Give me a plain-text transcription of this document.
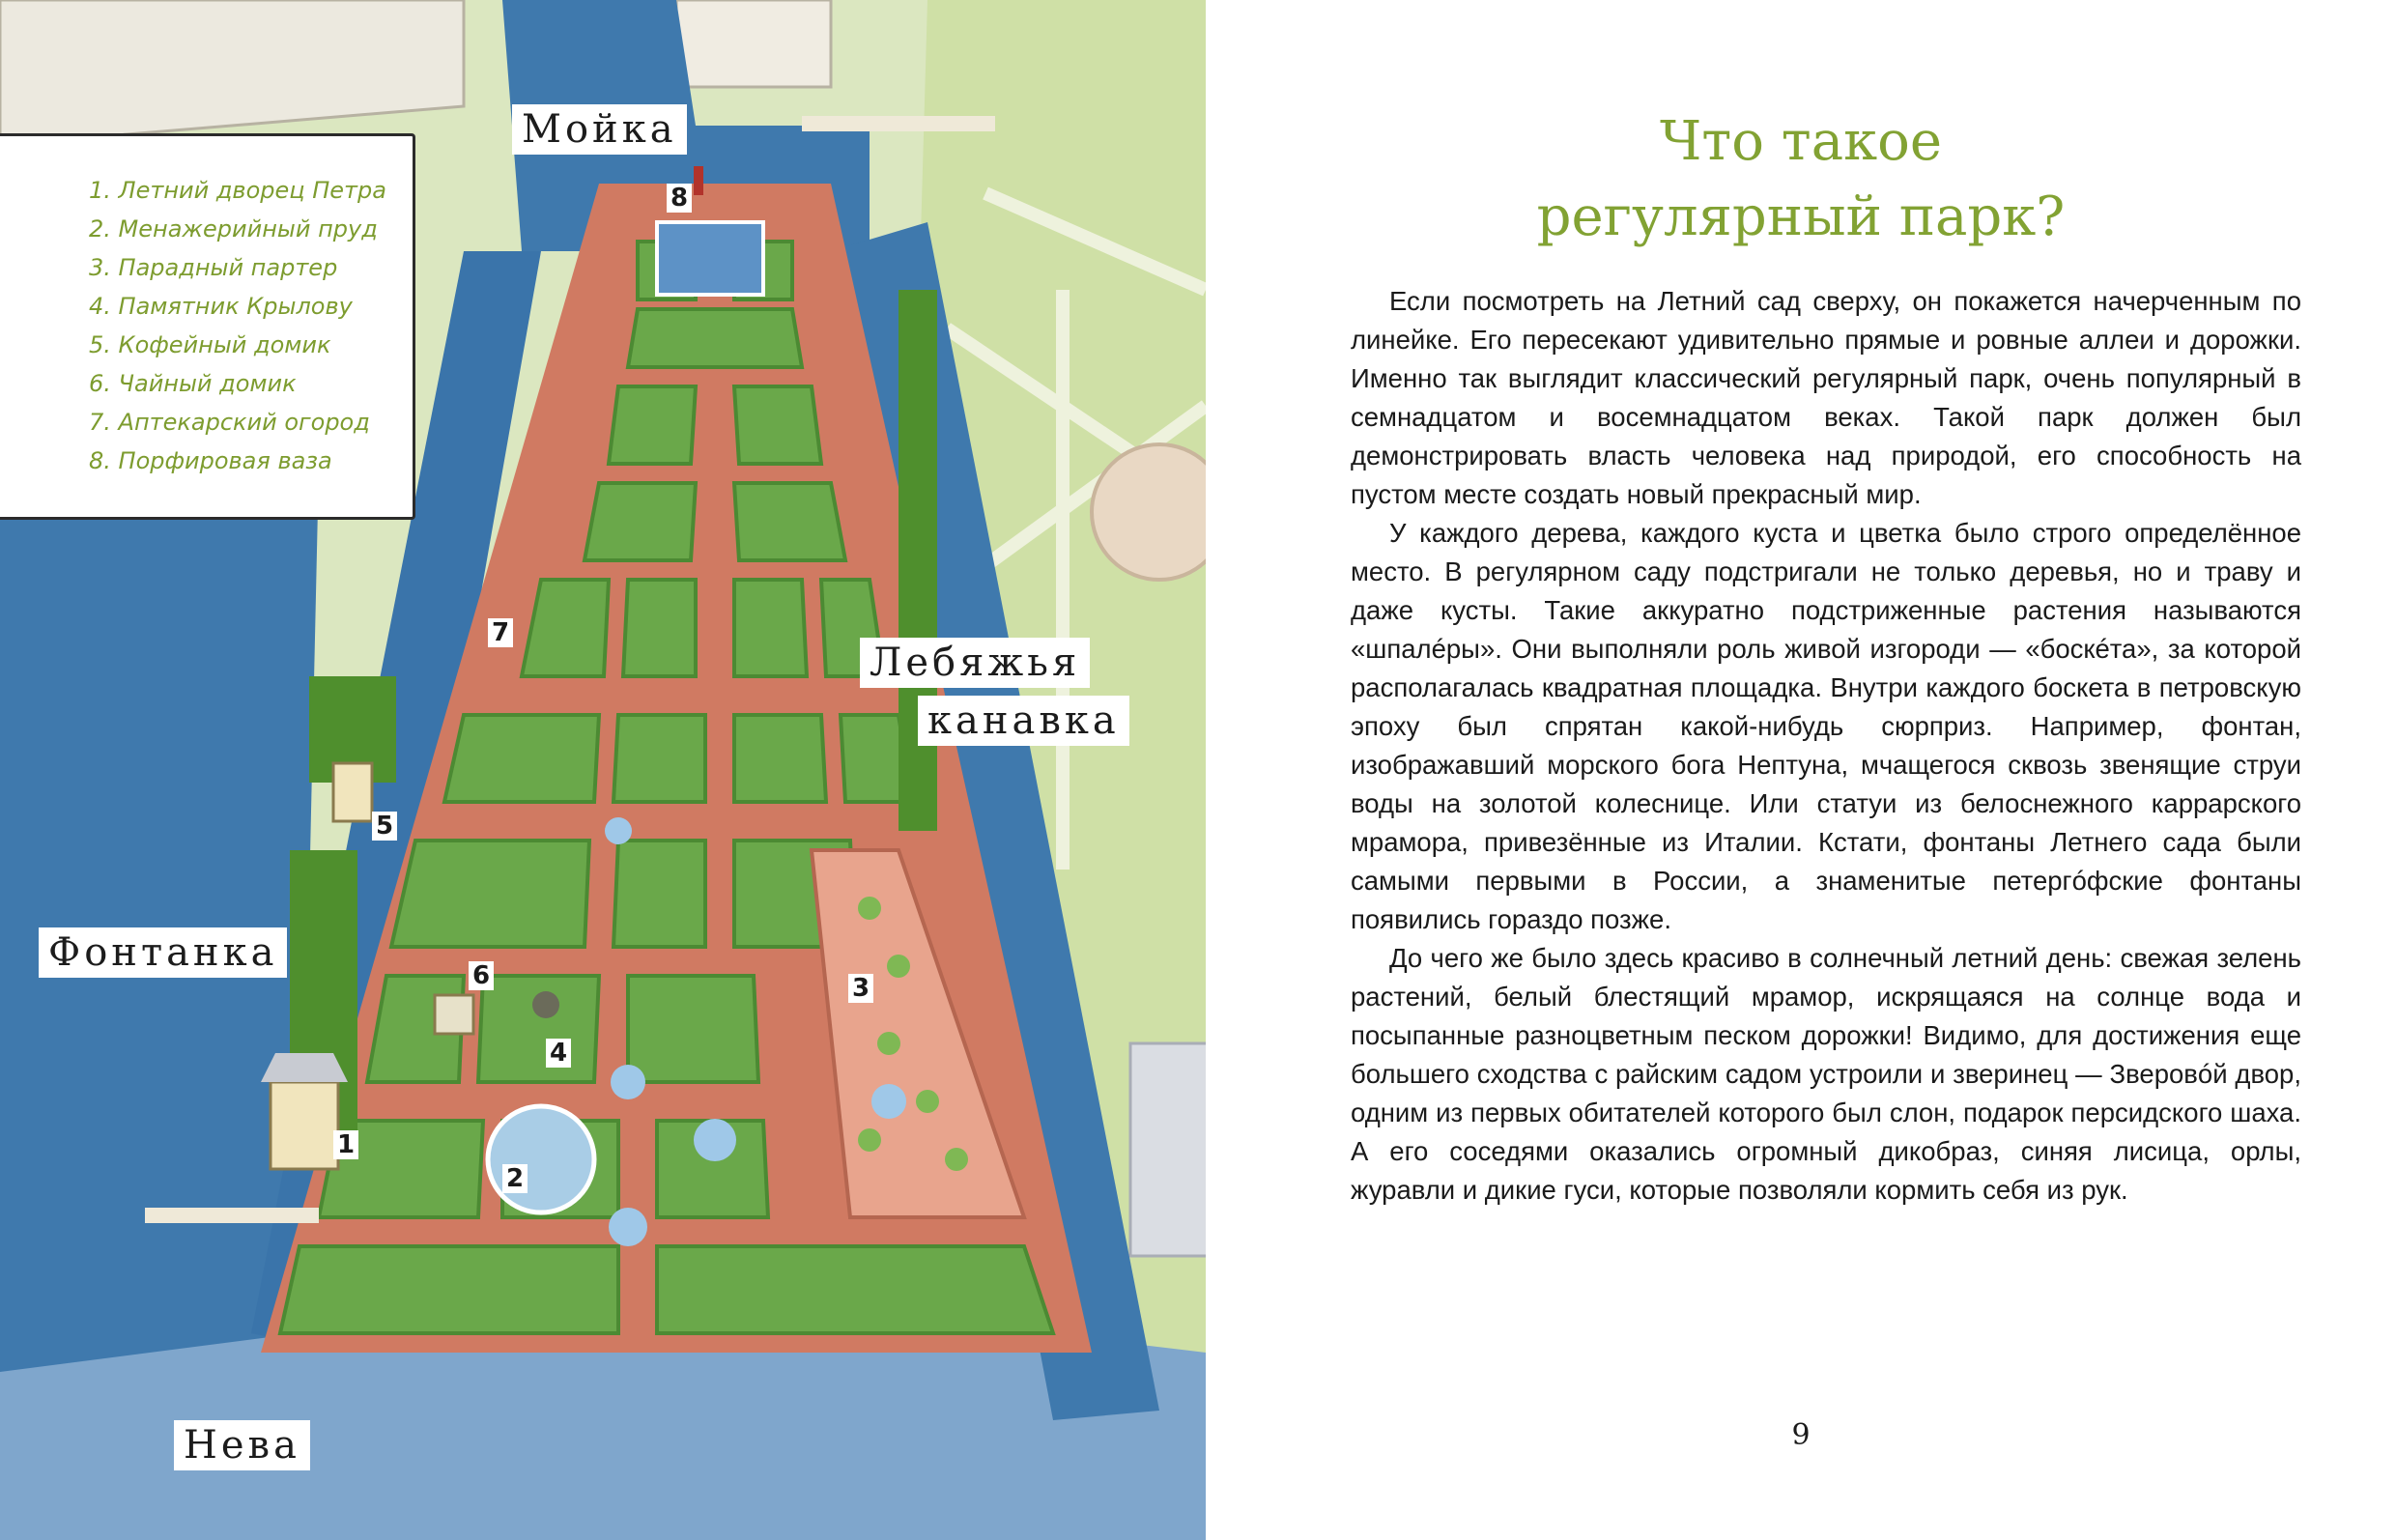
1. Летний дворец Петра
2. Менажерийный пруд
3. Парадный партер
4. Памятник Крылову
5. Кофейный домик
6. Чайный домик
7. Аптекарский огород
8. Порфировая ваза
Мойка
Лебяжья
канавка
Фонтанка
Нева
1
2
3
4
5
6
7
8
Что такое
регулярный парк?

Если посмотреть на Летний сад сверху, он покажется начерченным по линейке. Его пересекают удивительно прямые и ровные аллеи и дорожки. Именно так выглядит классический регулярный парк, очень популярный в семнадцатом и восемнадцатом веках. Такой парк должен был демонстрировать власть человека над природой, его способность на пустом месте создать новый прекрасный мир.

У каждого дерева, каждого куста и цветка было строго определённое место. В регулярном саду подстригали не только деревья, но и траву и даже кусты. Такие аккуратно подстриженные растения называются «шпалéры». Они выполняли роль живой изгороди — «боскéта», за которой располагалась квадратная площадка. Внутри каждого боскета в петровскую эпоху был спрятан какой-нибудь сюрприз. Например, фонтан, изображавший морского бога Нептуна, мчащегося сквозь звенящие струи воды на золотой колеснице. Или статуи из белоснежного каррарского мрамора, привезённые из Италии. Кстати, фонтаны Летнего сада были самыми первыми в России, а знаменитые петергóфские фонтаны появились гораздо позже.

До чего же было здесь красиво в солнечный летний день: свежая зелень растений, белый блестящий мрамор, искрящаяся на солнце вода и посыпанные разноцветным песком дорожки! Видимо, для достижения еще большего сходства с райским садом устроили и зверинец — Зверовóй двор, одним из первых обитателей которого был слон, подарок персидского шаха. А его соседями оказались огромный дикобраз, синяя лисица, орлы, журавли и дикие гуси, которые позволяли кормить себя из рук.

9
